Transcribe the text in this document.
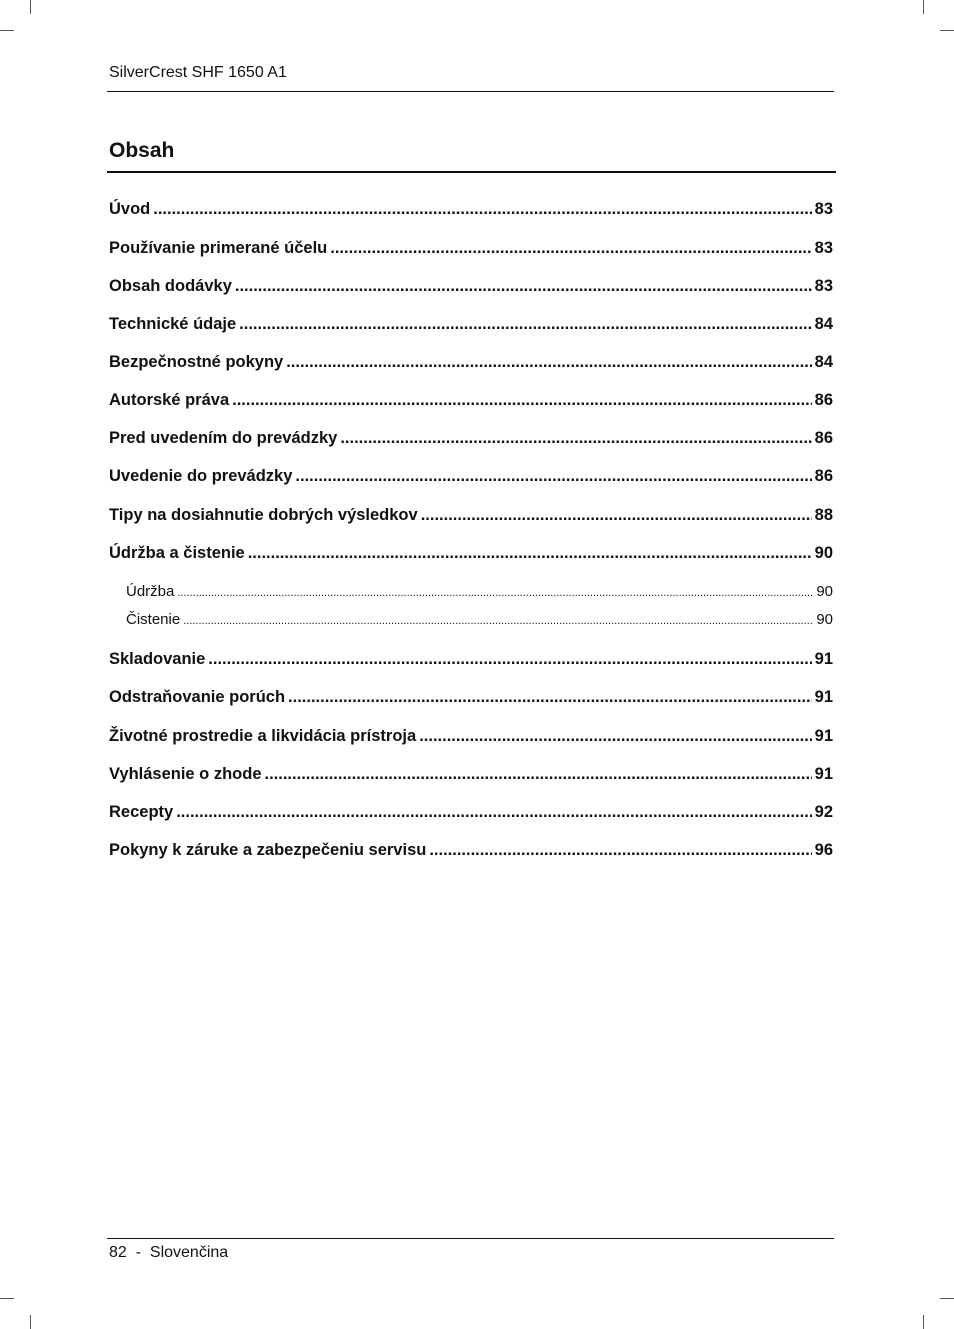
SilverCrest SHF 1650 A1
Obsah
Úvod .....	83
Používanie primerané účelu .....	83
Obsah dodávky .....	83
Technické údaje .....	84
Bezpečnostné pokyny .....	84
Autorské práva .....	86
Pred uvedením do prevádzky .....	86
Uvedenie do prevádzky .....	86
Tipy na dosiahnutie dobrých výsledkov .....	88
Údržba a čistenie .....	90
Údržba .....	90
Čistenie .....	90
Skladovanie .....	91
Odstraňovanie porúch .....	91
Životné prostredie a likvidácia prístroja .....	91
Vyhlásenie o zhode .....	91
Recepty .....	92
Pokyny k záruke a zabezpečeniu servisu .....	96
82 - Slovenčina
